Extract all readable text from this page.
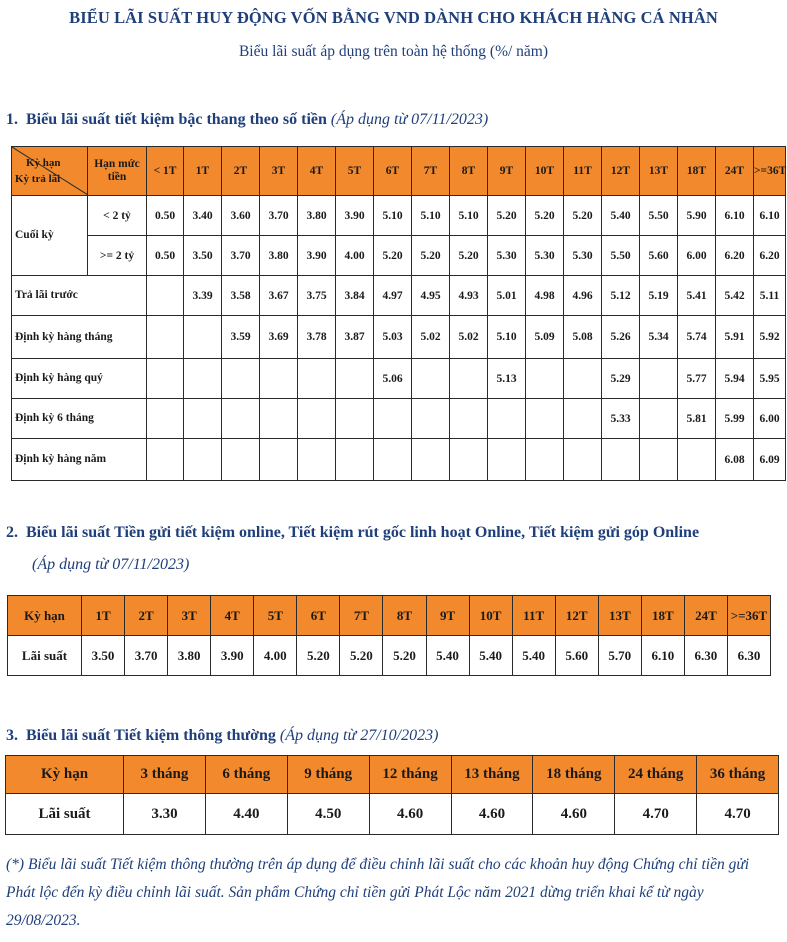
BIỂU LÃI SUẤT HUY ĐỘNG VỐN BẰNG VND DÀNH CHO KHÁCH HÀNG CÁ NHÂN
Biểu lãi suất áp dụng trên toàn hệ thống (%/ năm)
1. Biểu lãi suất tiết kiệm bậc thang theo số tiền (Áp dụng từ 07/11/2023)
Kỳ hạn
Kỳ trả lãi	Hạn mức tiền	< 1T	1T	2T	3T	4T	5T	6T	7T	8T	9T	10T	11T	12T	13T	18T	24T	>=36T
Cuối kỳ	< 2 tỷ	0.50	3.40	3.60	3.70	3.80	3.90	5.10	5.10	5.10	5.20	5.20	5.20	5.40	5.50	5.90	6.10	6.10
	>= 2 tỷ	0.50	3.50	3.70	3.80	3.90	4.00	5.20	5.20	5.20	5.30	5.30	5.30	5.50	5.60	6.00	6.20	6.20
Trả lãi trước			3.39	3.58	3.67	3.75	3.84	4.97	4.95	4.93	5.01	4.98	4.96	5.12	5.19	5.41	5.42	5.11
Định kỳ hàng tháng				3.59	3.69	3.78	3.87	5.03	5.02	5.02	5.10	5.09	5.08	5.26	5.34	5.74	5.91	5.92
Định kỳ hàng quý								5.06			5.13			5.29		5.77	5.94	5.95
Định kỳ 6 tháng														5.33		5.81	5.99	6.00
Định kỳ hàng năm																	6.08	6.09
2. Biểu lãi suất Tiền gửi tiết kiệm online, Tiết kiệm rút gốc linh hoạt Online, Tiết kiệm gửi góp Online
(Áp dụng từ 07/11/2023)
Kỳ hạn	1T	2T	3T	4T	5T	6T	7T	8T	9T	10T	11T	12T	13T	18T	24T	>=36T
Lãi suất	3.50	3.70	3.80	3.90	4.00	5.20	5.20	5.20	5.40	5.40	5.40	5.60	5.70	6.10	6.30	6.30
3. Biểu lãi suất Tiết kiệm thông thường (Áp dụng từ 27/10/2023)
Kỳ hạn	3 tháng	6 tháng	9 tháng	12 tháng	13 tháng	18 tháng	24 tháng	36 tháng
Lãi suất	3.30	4.40	4.50	4.60	4.60	4.60	4.70	4.70
(*) Biểu lãi suất Tiết kiệm thông thường trên áp dụng để điều chỉnh lãi suất cho các khoản huy động Chứng chỉ tiền gửi Phát lộc đến kỳ điều chỉnh lãi suất. Sản phẩm Chứng chỉ tiền gửi Phát Lộc năm 2021 dừng triển khai kể từ ngày 29/08/2023.
